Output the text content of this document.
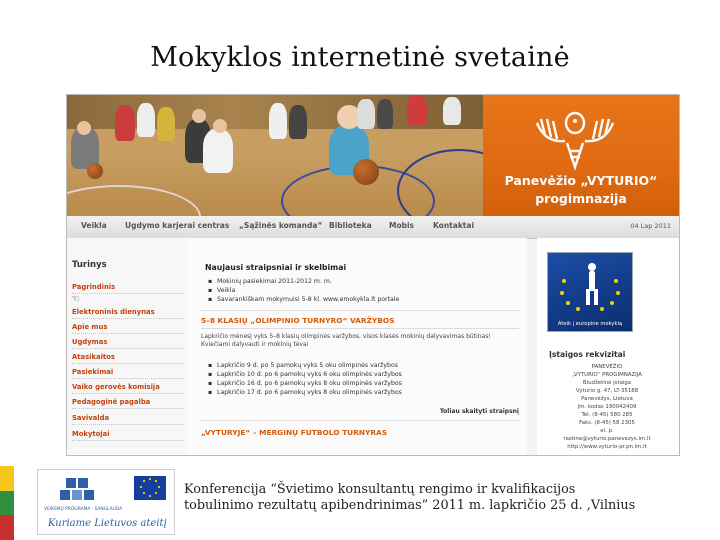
Mokyklos internetinė svetainė
Panevėžio „VYTURIO“
progimnazija
Veikla Ugdymo karjerai centras „Sąžinės komanda“ Biblioteka Mobis	Kontaktai	04 Lap 2011
Turinys
Pagrindinis
Elektroninis dienynas
Apie mus
Ugdymas
Atasikaitos
Pasiekimai
Vaiko gerovės komisija
Pedagoginė pagalba
Savivalda
Mokytojai
☜
Naujausi straipsniai ir skelbimai
▪ Mokinių pasiekimai 2011-2012 m. m.
▪ Veikla
▪ Savarankiškam mokymuisi 5-8 kl. www.emokykla.lt portale
5–8 KLASIŲ „OLIMPINIO TURNYRO“ VARŽYBOS
Lapkričio mėnesį vyks 5–8 klasių olimpinės varžybos, visos klasės mokinių dalyvavimas būtinas! Kviečiami dalyvauti ir mokinių tėvai
▪ Lapkričio 9 d. po 5 pamokų vyks 5 oku olimpinės varžybos
▪ Lapkričio 10 d. po 6 pamokų vyks 6 oku olimpinės varžybos
▪ Lapkričio 16 d. po 6 pamokų vyks 8 oku olimpinės varžybos
▪ Lapkričio 17 d. po 6 pamokų vyks 8 oku olimpinės varžybos
Toliau skaityti straipsnį
„VYTURYJE“ – MERGINŲ FUTBOLO TURNYRAS
Ateik į europine mokyklą
Įstaigos rekvizitai
PANEVĖŽIO
„VYTURIO“ PROGIMNAZIJA
Biudžetinė įstaiga
Vyturio g. 47, LT-35188
Panevėžys, Lietuva
Įm. kodas 190042409
Tel. (8-45) 580 285
Faks. (8-45) 58 2305
el. p.
rastine@vyturio.panevezys.lm.lt
http://www.vyturio-pr.pn.lm.lt
VEIKSMŲ PROGRAMA · SANGLAUDA
Kuriame Lietuvos ateitį
Konferencija “Švietimo konsultantų rengimo ir kvalifikacijos
tobulinimo rezultatų apibendrinimas” 2011 m. lapkričio 25 d. ,Vilnius
